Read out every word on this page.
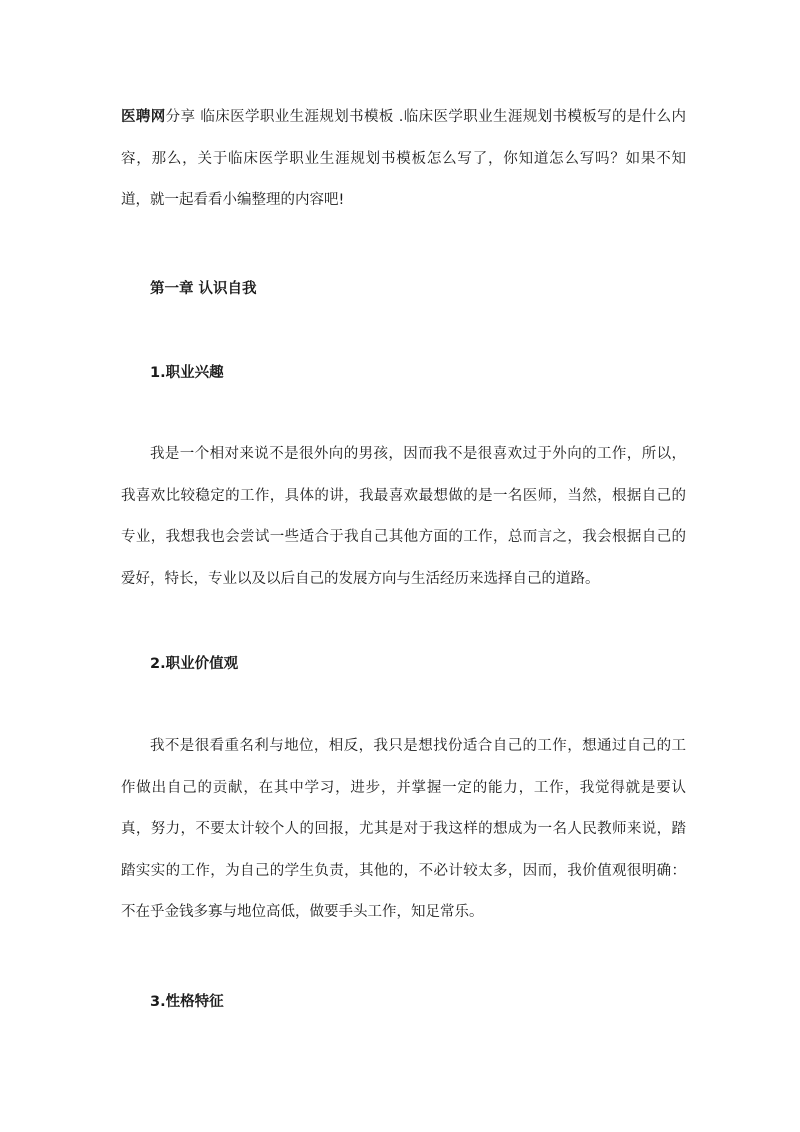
医聘网分享 临床医学职业生涯规划书模板 .临床医学职业生涯规划书模板写的是什么内容，那么，关于临床医学职业生涯规划书模板怎么写了，你知道怎么写吗？如果不知道，就一起看看小编整理的内容吧!

第一章 认识自我
1.职业兴趣

我是一个相对来说不是很外向的男孩，因而我不是很喜欢过于外向的工作，所以，我喜欢比较稳定的工作，具体的讲，我最喜欢最想做的是一名医师，当然，根据自己的专业，我想我也会尝试一些适合于我自己其他方面的工作，总而言之，我会根据自己的爱好，特长，专业以及以后自己的发展方向与生活经历来选择自己的道路。

2.职业价值观

我不是很看重名利与地位，相反，我只是想找份适合自己的工作，想通过自己的工作做出自己的贡献，在其中学习，进步，并掌握一定的能力，工作，我觉得就是要认真，努力，不要太计较个人的回报，尤其是对于我这样的想成为一名人民教师来说，踏踏实实的工作，为自己的学生负责，其他的，不必计较太多，因而，我价值观很明确：不在乎金钱多寡与地位高低，做要手头工作，知足常乐。

3.性格特征
